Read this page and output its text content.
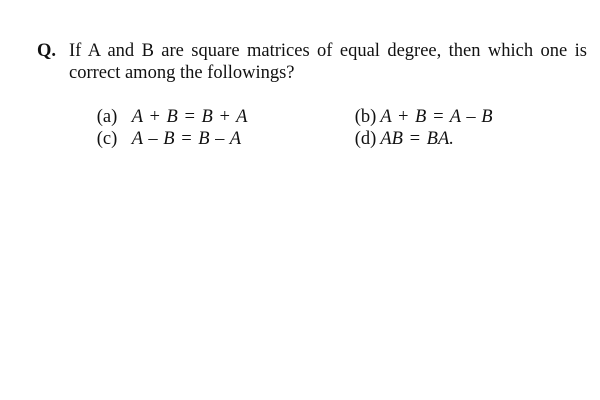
Q. If A and B are square matrices of equal degree, then which one is correct among the followings?

(a) A + B = B + A
	(b) A + B = A – B

(c) A – B = B – A
	(d) AB = BA.
